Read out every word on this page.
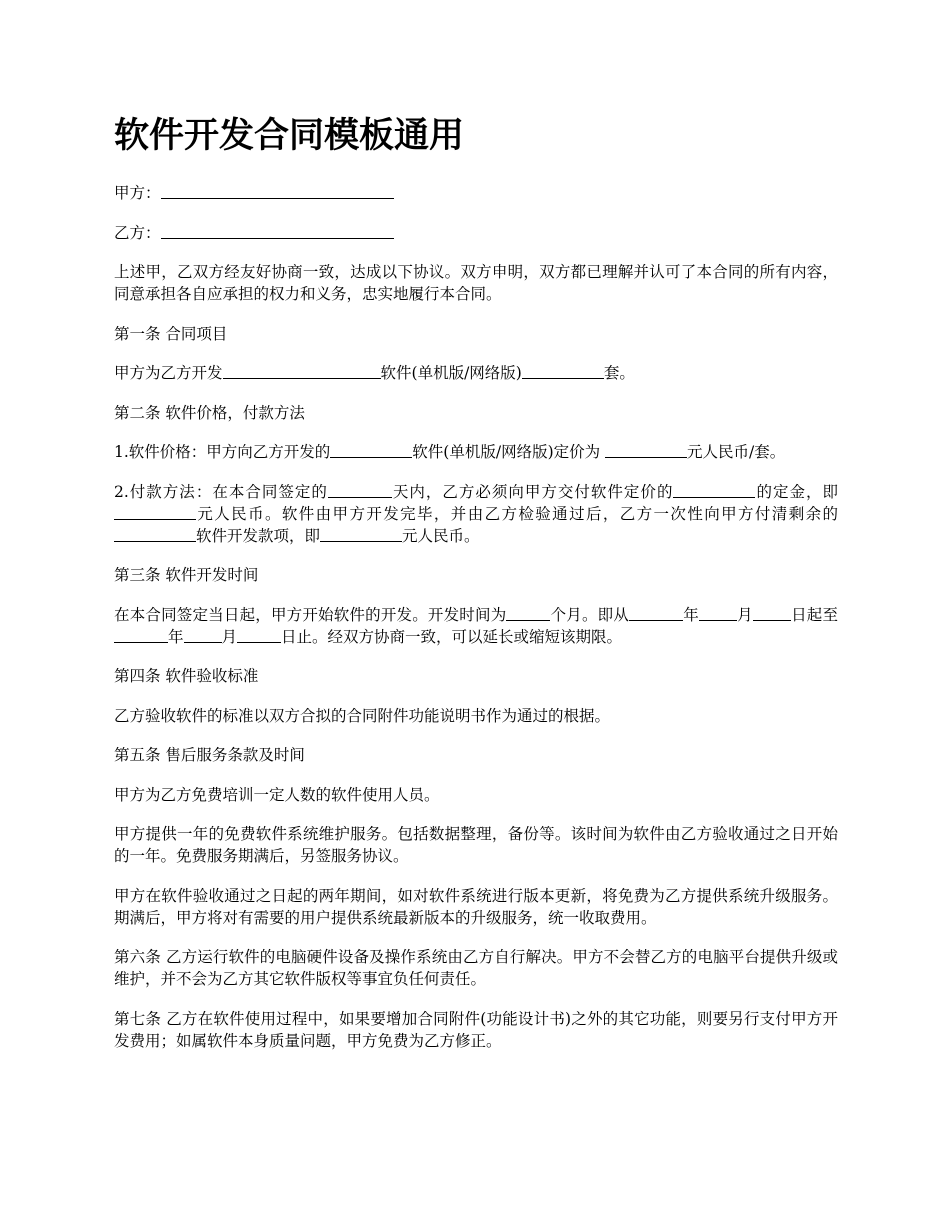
软件开发合同模板通用

甲方：

乙方：

上述甲，乙双方经友好协商一致，达成以下协议。双方申明，双方都已理解并认可了本合同的所有内容，同意承担各自应承担的权力和义务，忠实地履行本合同。

第一条 合同项目

甲方为乙方开发	软件(单机版/网络版)	套。

第二条 软件价格，付款方法

1.软件价格：甲方向乙方开发的	软件(单机版/网络版)定价为	元人民币/套。

2.付款方法：在本合同签定的	天内，乙方必须向甲方交付软件定价的	的定金，即元人民币。软件由甲方开发完毕，并由乙方检验通过后，乙方一次性向甲方付清剩余的软件开发款项，即	元人民币。

第三条 软件开发时间

在本合同签定当日起，甲方开始软件的开发。开发时间为	个月。即从	年 月 日起至年 月	日止。经双方协商一致，可以延长或缩短该期限。

第四条 软件验收标准

乙方验收软件的标准以双方合拟的合同附件功能说明书作为通过的根据。

第五条 售后服务条款及时间

甲方为乙方免费培训一定人数的软件使用人员。

甲方提供一年的免费软件系统维护服务。包括数据整理，备份等。该时间为软件由乙方验收通过之日开始的一年。免费服务期满后，另签服务协议。

甲方在软件验收通过之日起的两年期间，如对软件系统进行版本更新，将免费为乙方提供系统升级服务。期满后，甲方将对有需要的用户提供系统最新版本的升级服务，统一收取费用。

第六条 乙方运行软件的电脑硬件设备及操作系统由乙方自行解决。甲方不会替乙方的电脑平台提供升级或维护，并不会为乙方其它软件版权等事宜负任何责任。

第七条 乙方在软件使用过程中，如果要增加合同附件(功能设计书)之外的其它功能，则要另行支付甲方开发费用；如属软件本身质量问题，甲方免费为乙方修正。
